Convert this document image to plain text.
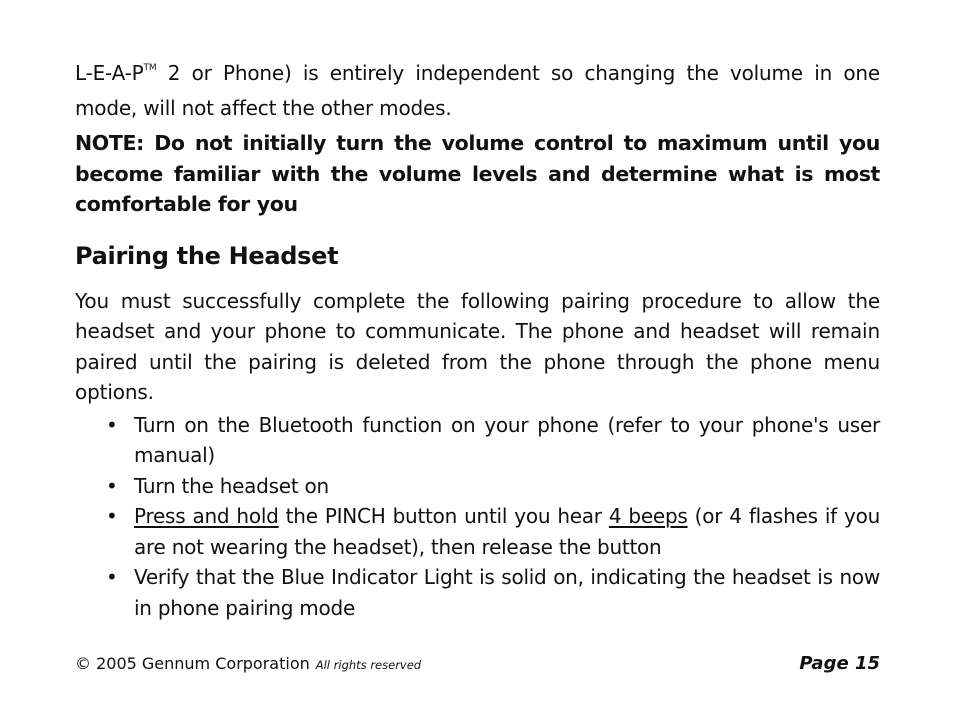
L-E-A-P™ 2 or Phone) is entirely independent so changing the volume in one mode, will not affect the other modes.

NOTE: Do not initially turn the volume control to maximum until you become familiar with the volume levels and determine what is most comfortable for you

Pairing the Headset

You must successfully complete the following pairing procedure to allow the headset and your phone to communicate. The phone and headset will remain paired until the pairing is deleted from the phone through the phone menu options.

• Turn on the Bluetooth function on your phone (refer to your phone's user manual)
• Turn the headset on
• Press and hold the PINCH button until you hear 4 beeps (or 4 flashes if you are not wearing the headset), then release the button
• Verify that the Blue Indicator Light is solid on, indicating the headset is now in phone pairing mode
© 2005 Gennum Corporation All rights reserved	Page 15
